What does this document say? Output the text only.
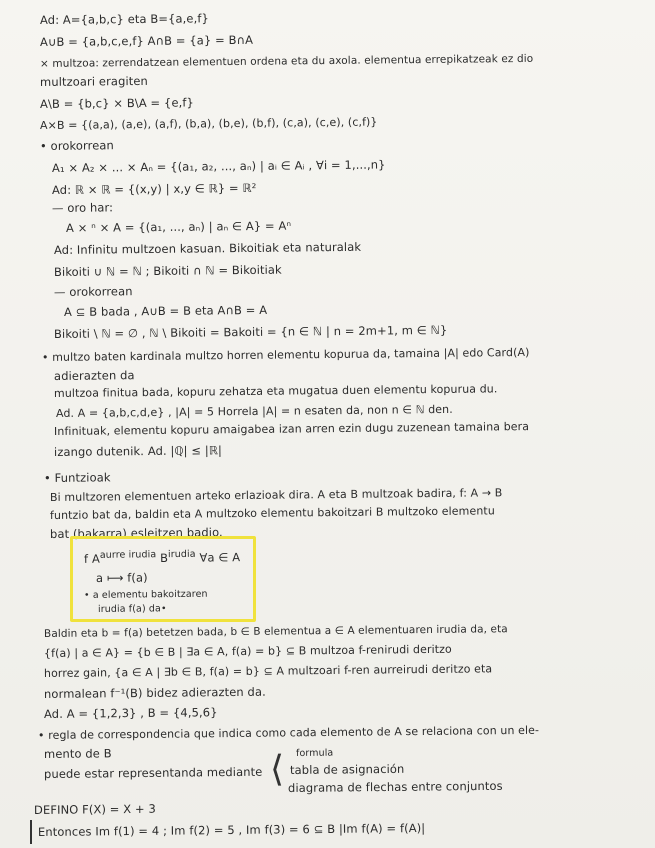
Ad: A={a,b,c} eta B={a,e,f}
A∪B = {a,b,c,e,f} A∩B = {a} = B∩A
× multzoa: zerrendatzean elementuen ordena eta du axola. elementua errepikatzeak ez dio
multzoari eragiten
A\B = {b,c} × B\A = {e,f}
A×B = {(a,a), (a,e), (a,f), (b,a), (b,e), (b,f), (c,a), (c,e), (c,f)}
• orokorrean
A₁ × A₂ × ... × Aₙ = {(a₁, a₂, ..., aₙ) | aᵢ ∈ Aᵢ , ∀i = 1,...,n}
Ad: ℝ × ℝ = {(x,y) | x,y ∈ ℝ} = ℝ²
— oro har:
A × ⁿ × A = {(a₁, ..., aₙ) | aₙ ∈ A} = Aⁿ
Ad: Infinitu multzoen kasuan. Bikoitiak eta naturalak
Bikoiti ∪ ℕ = ℕ ; Bikoiti ∩ ℕ = Bikoitiak
— orokorrean
A ⊆ B bada , A∪B = B eta A∩B = A
Bikoiti \ ℕ = ∅ , ℕ \ Bikoiti = Bakoiti = {n ∈ ℕ | n = 2m+1, m ∈ ℕ}
• multzo baten kardinala multzo horren elementu kopurua da, tamaina |A| edo Card(A)
adierazten da
multzoa finitua bada, kopuru zehatza eta mugatua duen elementu kopurua du.
Ad. A = {a,b,c,d,e} , |A| = 5 Horrela |A| = n esaten da, non n ∈ ℕ den.
Infinituak, elementu kopuru amaigabea izan arren ezin dugu zuzenean tamaina bera
izango dutenik. Ad. |ℚ| ≤ |ℝ|
• Funtzioak
Bi multzoren elementuen arteko erlazioak dira. A eta B multzoak badira, f: A → B
funtzio bat da, baldin eta A multzoko elementu bakoitzari B multzoko elementu
bat (bakarra) esleitzen badio.
f $A^{aurre irudia}$ $B^{irudia}$ ∀a ∈ A
a ⟼ f(a)
• a elementu bakoitzaren
irudia f(a) da•
Baldin eta b = f(a) betetzen bada, b ∈ B elementua a ∈ A elementuaren irudia da, eta
{f(a) | a ∈ A} = {b ∈ B | ∃a ∈ A, f(a) = b} ⊆ B multzoa f-renirudi deritzo
horrez gain, {a ∈ A | ∃b ∈ B, f(a) = b} ⊆ A multzoari f-ren aurreirudi deritzo eta
normalean f⁻¹(B) bidez adierazten da.
Ad. A = {1,2,3} , B = {4,5,6}
• regla de correspondencia que indica como cada elemento de A se relaciona con un ele-
mento de B
puede estar representanda mediante ⟨ formula
tabla de asignación
diagrama de flechas entre conjuntos
DEFINO F(X) = X + 3
Entonces Im f(1) = 4 ; Im f(2) = 5 , Im f(3) = 6 ⊆ B |Im f(A) = f(A)|
